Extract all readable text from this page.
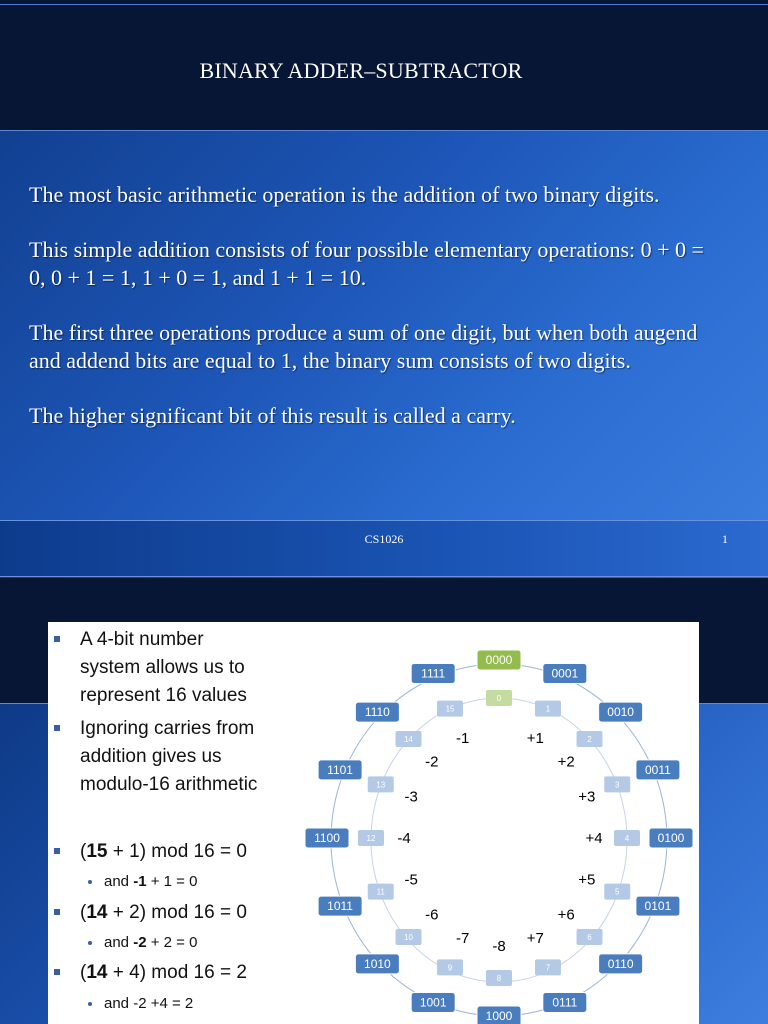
BINARY ADDER–SUBTRACTOR

The most basic arithmetic operation is the addition of two binary digits.

This simple addition consists of four possible elementary operations: 0 + 0 = 0, 0 + 1 = 1, 1 + 0 = 1, and 1 + 1 = 10.

The first three operations produce a sum of one digit, but when both augend and addend bits are equal to 1, the binary sum consists of two digits.

The higher significant bit of this result is called a carry.

CS1026	1
A 4-bit number
system allows us to
represent 16 values
Ignoring carries from
addition gives us
modulo-16 arithmetic
(15 + 1) mod 16 = 0
and -1 + 1 = 0
(14 + 2) mod 16 = 0
and -2 + 2 = 0
(14 + 4) mod 16 = 2
and -2 +4 = 2
0000
0
0001
1
+1
0010
2
+2	0011
3
+3
0100
4
+4
0101
5
+5
0110
6
+6
0111
7
+7
1000
8
-8
1001
9
-7
1010
10
-6
1011
11
-5
1100	12 -4
1101
13
-3
1110
14
-2
1111
15
-1
